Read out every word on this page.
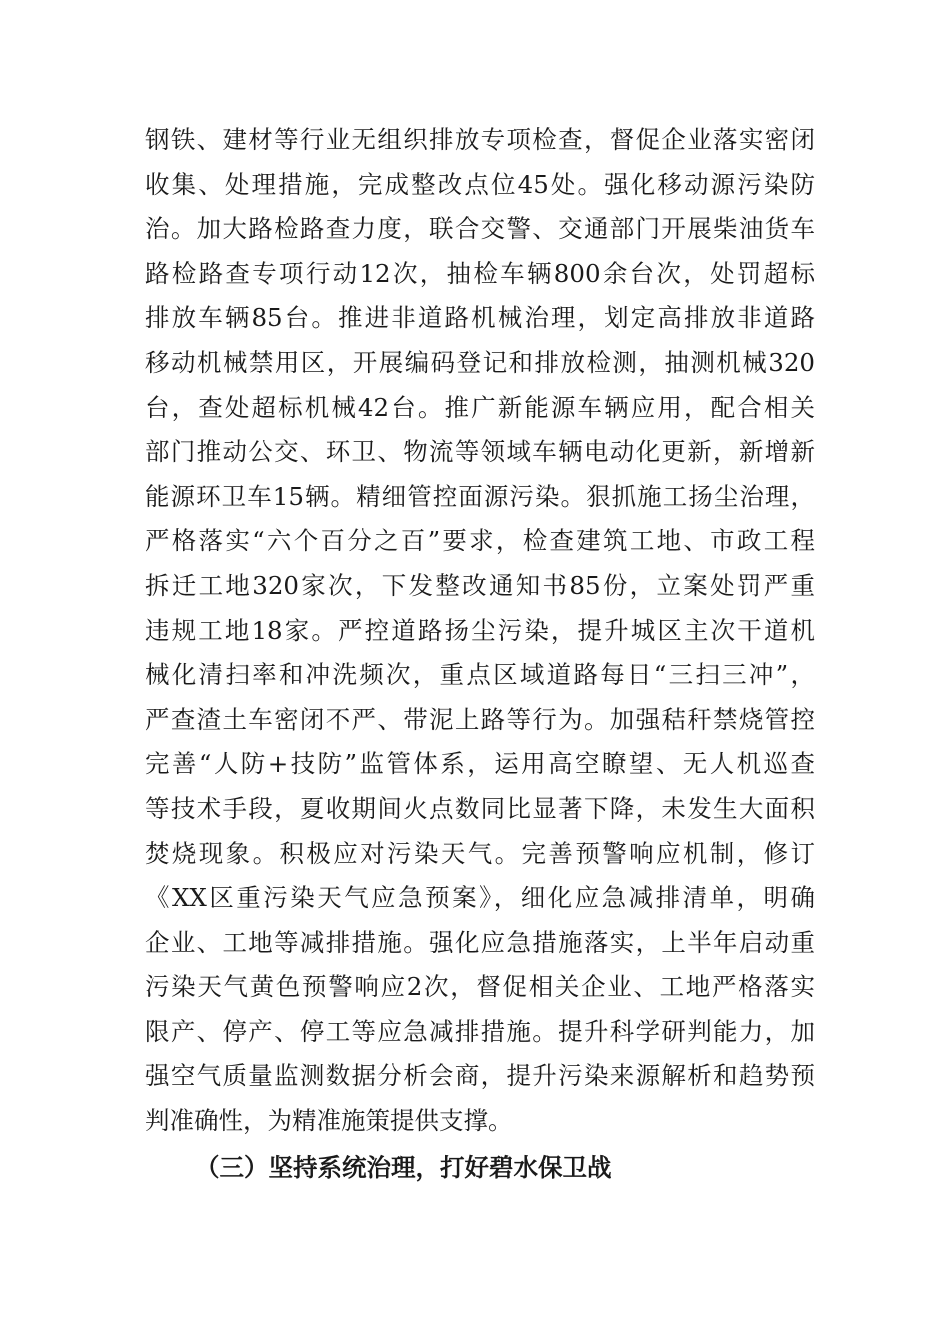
钢铁、建材等行业无组织排放专项检查，督促企业落实密闭
收集、处理措施，完成整改点位45处。强化移动源污染防
治。加大路检路查力度，联合交警、交通部门开展柴油货车
路检路查专项行动12次，抽检车辆800余台次，处罚超标
排放车辆85台。推进非道路机械治理，划定高排放非道路
移动机械禁用区，开展编码登记和排放检测，抽测机械320
台，查处超标机械42台。推广新能源车辆应用，配合相关
部门推动公交、环卫、物流等领域车辆电动化更新，新增新
能源环卫车15辆。精细管控面源污染。狠抓施工扬尘治理，
严格落实“六个百分之百”要求，检查建筑工地、市政工程
拆迁工地320家次，下发整改通知书85份，立案处罚严重
违规工地18家。严控道路扬尘污染，提升城区主次干道机
械化清扫率和冲洗频次，重点区域道路每日“三扫三冲”，
严查渣土车密闭不严、带泥上路等行为。加强秸秆禁烧管控
完善“人防+技防”监管体系，运用高空瞭望、无人机巡查
等技术手段，夏收期间火点数同比显著下降，未发生大面积
焚烧现象。积极应对污染天气。完善预警响应机制，修订
《XX区重污染天气应急预案》，细化应急减排清单，明确
企业、工地等减排措施。强化应急措施落实，上半年启动重
污染天气黄色预警响应2次，督促相关企业、工地严格落实
限产、停产、停工等应急减排措施。提升科学研判能力，加
强空气质量监测数据分析会商，提升污染来源解析和趋势预
判准确性，为精准施策提供支撑。
（三）坚持系统治理，打好碧水保卫战
